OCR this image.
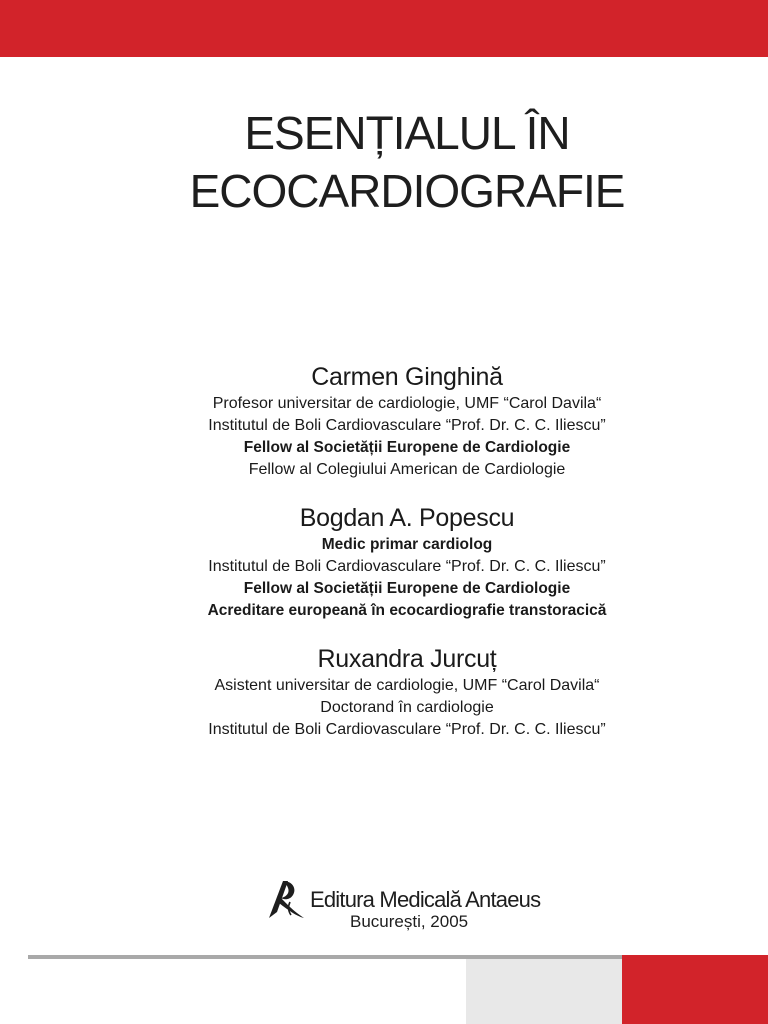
ESENȚIALUL ÎN
ECOCARDIOGRAFIE
Carmen Ginghină
Profesor universitar de cardiologie, UMF “Carol Davila“
Institutul de Boli Cardiovasculare “Prof. Dr. C. C. Iliescu”
Fellow al Societății Europene de Cardiologie
Fellow al Colegiului American de Cardiologie
Bogdan A. Popescu
Medic primar cardiolog
Institutul de Boli Cardiovasculare “Prof. Dr. C. C. Iliescu”
Fellow al Societății Europene de Cardiologie
Acreditare europeană în ecocardiografie transtoracică
Ruxandra Jurcuț
Asistent universitar de cardiologie, UMF “Carol Davila“
Doctorand în cardiologie
Institutul de Boli Cardiovasculare “Prof. Dr. C. C. Iliescu”
Editura Medicală Antaeus
București, 2005
